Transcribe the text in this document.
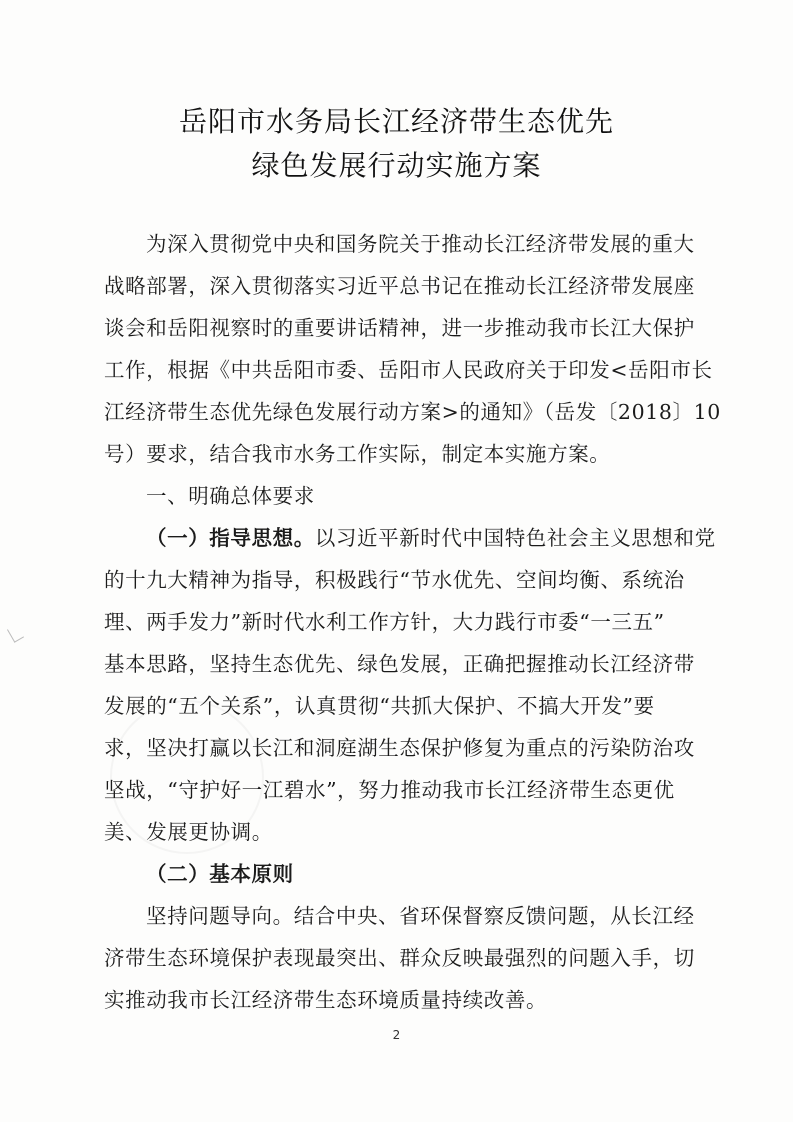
岳阳市水务局长江经济带生态优先
绿色发展行动实施方案
为深入贯彻党中央和国务院关于推动长江经济带发展的重大
战略部署，深入贯彻落实习近平总书记在推动长江经济带发展座
谈会和岳阳视察时的重要讲话精神，进一步推动我市长江大保护
工作，根据《中共岳阳市委、岳阳市人民政府关于印发<岳阳市长
江经济带生态优先绿色发展行动方案>的通知》（岳发〔2018〕10
号）要求，结合我市水务工作实际，制定本实施方案。
一、明确总体要求
（一）指导思想。以习近平新时代中国特色社会主义思想和党
的十九大精神为指导，积极践行“节水优先、空间均衡、系统治
理、两手发力”新时代水利工作方针，大力践行市委“一三五”
基本思路，坚持生态优先、绿色发展，正确把握推动长江经济带
发展的“五个关系”，认真贯彻“共抓大保护、不搞大开发”要
求，坚决打赢以长江和洞庭湖生态保护修复为重点的污染防治攻
坚战，“守护好一江碧水”，努力推动我市长江经济带生态更优
美、发展更协调。
（二）基本原则
坚持问题导向。结合中央、省环保督察反馈问题，从长江经
济带生态环境保护表现最突出、群众反映最强烈的问题入手，切
实推动我市长江经济带生态环境质量持续改善。
2
